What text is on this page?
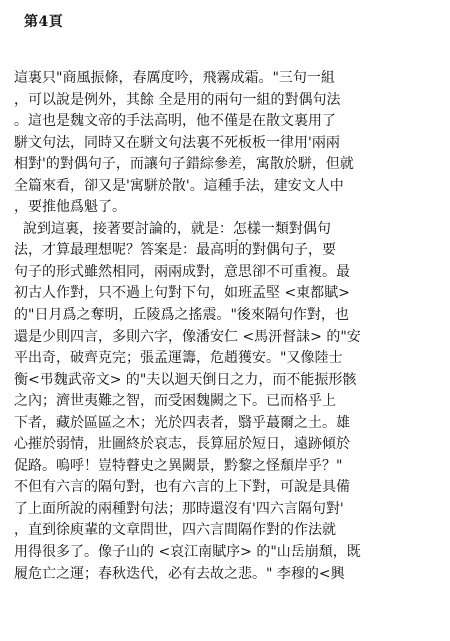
第4頁
這裏只"商風振條，春厲度吟，飛霧成霜。"三句一組
，可以說是例外，其餘 全是用的兩句一組的對偶句法
。這也是魏文帝的手法高明，他不僅是在散文裏用了
駢文句法，同時又在駢文句法裏不死板板一律用'兩兩
相對'的對偶句子，而讓句子錯綜參差，寓散於駢，但就
全篇來看，卻又是'寓駢於散'。這種手法，建安文人中
，要推他爲魁了。
說到這裏，接著要討論的，就是：怎樣一類對偶句
法，才算最理想呢？答案是：最高明的對偶句子，要
句子的形式雖然相同，兩兩成對，意思卻不可重複。最
初古人作對，只不過上句對下句，如班孟堅 <東都賦>
的"日月爲之奪明，丘陵爲之搖震。"後來隔句作對，也
還是少則四言，多則六字，像潘安仁 <馬汧督誄> 的"安
平出奇，破齊克完；張孟運籌，危趙獲安。"又像陸士
衡<弔魏武帝文> 的"夫以迴天倒日之力，而不能振形骸
之內；濟世夷難之智，而受困魏闕之下。已而格乎上
下者，藏於區區之木；光於四表者，翳乎蕞爾之土。雄
心摧於弱情，壯圖終於哀志，長算屈於短日，遠跡傾於
促路。嗚呼！豈特瞽史之異闕景，黔黎之怪頹岸乎？"
不但有六言的隔句對，也有六言的上下對，可說是具備
了上面所說的兩種對句法；那時還沒有'四六言隔句對'
，直到徐庾輩的文章問世，四六言間隔作對的作法就
用得很多了。像子山的 <哀江南賦序> 的"山岳崩頹，既
履危亡之運；春秋迭代，必有去故之悲。" 李穆的<興
